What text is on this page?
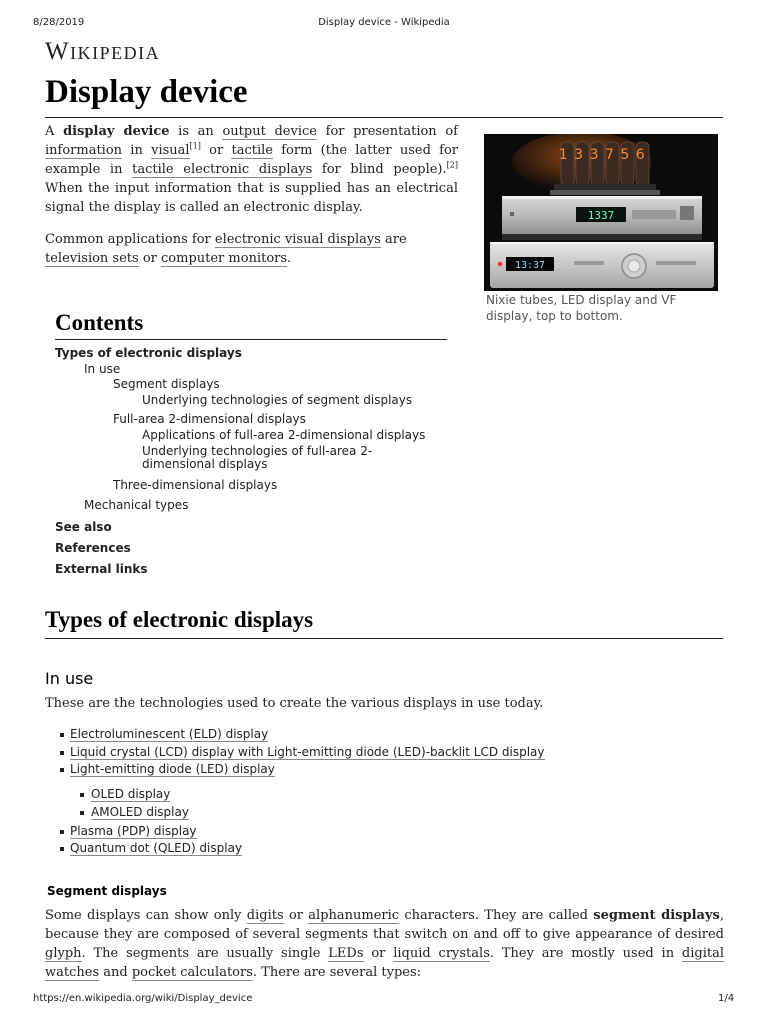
8/28/2019	Display device - Wikipedia
https://en.wikipedia.org/wiki/Display_device	1/4
Wikipedia
Display device

A display device is an output device for presentation of information in visual[1] or tactile form (the latter used for example in tactile electronic displays for blind people).[2] When the input information that is supplied has an electrical signal the display is called an electronic display.

Common applications for electronic visual displays are television sets or computer monitors.

133756
1337
13:37
Nixie tubes, LED display and VF display, top to bottom.
Contents
Types of electronic displays
In use
Segment displays
Underlying technologies of segment displays
Full-area 2-dimensional displays
Applications of full-area 2-dimensional displays
Underlying technologies of full-area 2-dimensional displays
Three-dimensional displays
Mechanical types
See also
References
External links
Types of electronic displays
In use

These are the technologies used to create the various displays in use today.

Electroluminescent (ELD) display
Liquid crystal (LCD) display with Light-emitting diode (LED)-backlit LCD display
Light-emitting diode (LED) display
OLED display
AMOLED display
Plasma (PDP) display
Quantum dot (QLED) display
Segment displays

Some displays can show only digits or alphanumeric characters. They are called segment displays, because they are composed of several segments that switch on and off to give appearance of desired glyph. The segments are usually single LEDs or liquid crystals. They are mostly used in digital watches and pocket calculators. There are several types:
